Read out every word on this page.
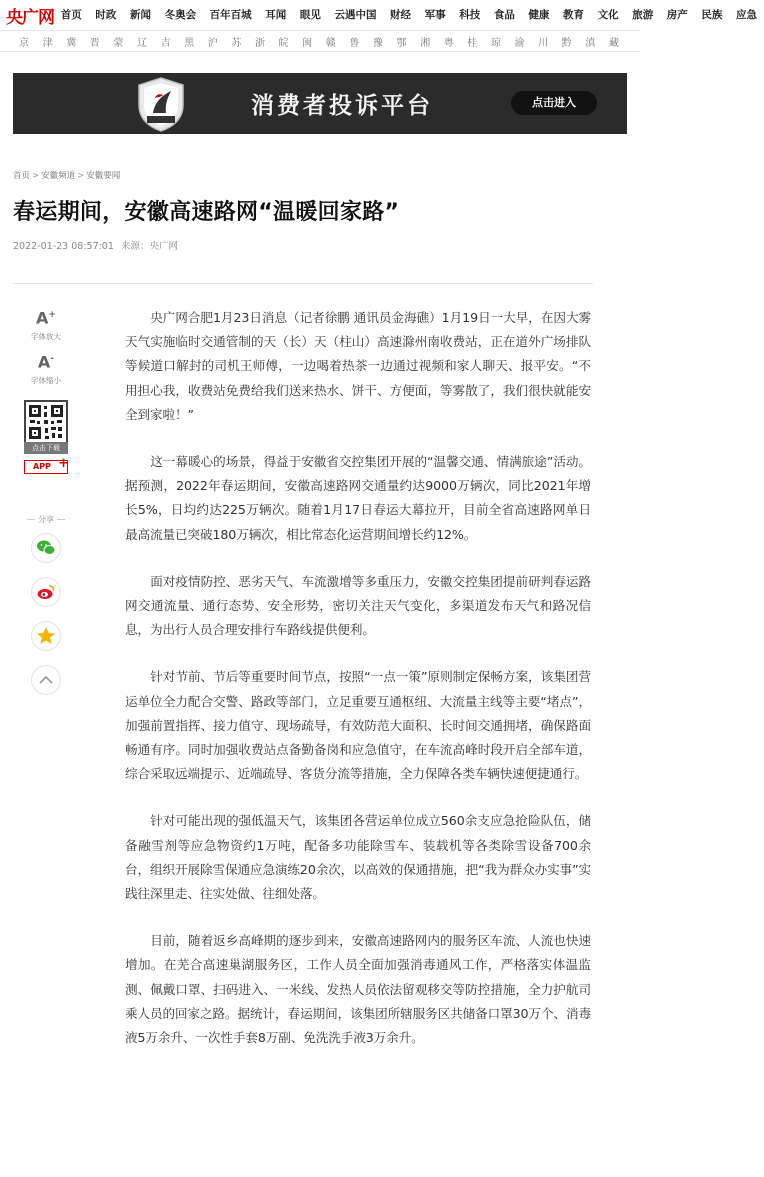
央广网 首页	时政	新闻	冬奥会	百年百城	耳闻	眼见	云遇中国	财经	军事	科技	食品	健康	教育	文化	旅游	房产	民族	应急
京	津	冀	晋	蒙	辽	吉	黑	沪	苏	浙	皖	闽	赣	鲁	豫	鄂	湘	粤	桂	琼	渝	川	黔	滇	藏
消费者投诉平台	点击进入
首页 > 安徽频道 > 安徽要闻
春运期间，安徽高速路网“温暖回家路”
2022-01-23 08:57:01 来源：央广网
A+
字体放大
A-
字体缩小
点击下载
APP +
分享

央广网合肥1月23日消息（记者徐鹏 通讯员金海礁）1月19日一大早，在因大雾天气实施临时交通管制的天（长）天（柱山）高速滁州南收费站，正在道外广场排队等候道口解封的司机王师傅，一边喝着热茶一边通过视频和家人聊天、报平安。“不用担心我，收费站免费给我们送来热水、饼干、方便面，等雾散了，我们很快就能安全到家啦！”

这一幕暖心的场景，得益于安徽省交控集团开展的“温馨交通、情满旅途”活动。据预测，2022年春运期间，安徽高速路网交通量约达9000万辆次，同比2021年增长5%，日均约达225万辆次。随着1月17日春运大幕拉开，目前全省高速路网单日最高流量已突破180万辆次，相比常态化运营期间增长约12%。

面对疫情防控、恶劣天气、车流激增等多重压力，安徽交控集团提前研判春运路网交通流量、通行态势、安全形势，密切关注天气变化，多渠道发布天气和路况信息，为出行人员合理安排行车路线提供便利。

针对节前、节后等重要时间节点，按照“一点一策”原则制定保畅方案，该集团营运单位全力配合交警、路政等部门，立足重要互通枢纽、大流量主线等主要“堵点”，加强前置指挥、接力值守、现场疏导，有效防范大面积、长时间交通拥堵，确保路面畅通有序。同时加强收费站点备勤备岗和应急值守，在车流高峰时段开启全部车道，综合采取远端提示、近端疏导、客货分流等措施，全力保障各类车辆快速便捷通行。

针对可能出现的强低温天气，该集团各营运单位成立560余支应急抢险队伍，储备融雪剂等应急物资约1万吨，配备多功能除雪车、装载机等各类除雪设备700余台，组织开展除雪保通应急演练20余次，以高效的保通措施，把“我为群众办实事”实践往深里走、往实处做、往细处落。

目前，随着返乡高峰期的逐步到来，安徽高速路网内的服务区车流、人流也快速增加。在芜合高速巢湖服务区，工作人员全面加强消毒通风工作，严格落实体温监测、佩戴口罩、扫码进入、一米线、发热人员依法留观移交等防控措施，全力护航司乘人员的回家之路。据统计，春运期间，该集团所辖服务区共储备口罩30万个、消毒液5万余升、一次性手套8万副、免洗洗手液3万余升。
